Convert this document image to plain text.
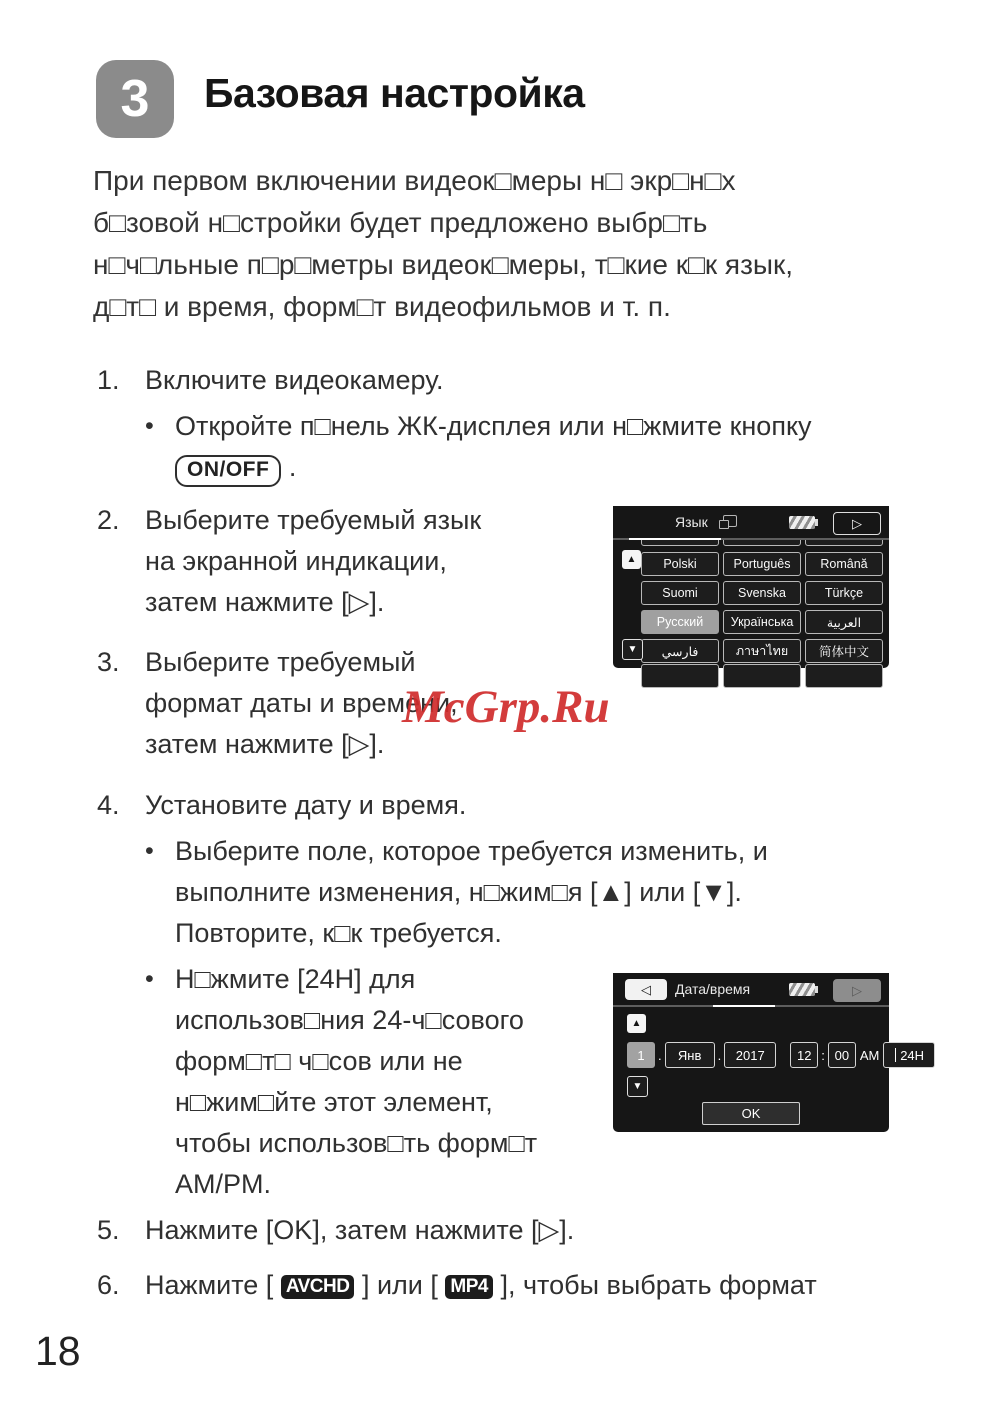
3 Базовая настройка
При первом включении видеок□меры н□ экр□н□х б□зовой н□стройки будет предложено выбр□ть н□ч□льные п□р□метры видеок□меры, т□кие к□к язык, д□т□ и время, форм□т видеофильмов и т. п.
1. Включите видеокамеру.
• Откройте п□нель ЖК-дисплея или н□жмите кнопку
ON/OFF .
2. Выберите требуемый язык на экранной индикации, затем нажмите [▷].
3. Выберите требуемый формат даты и времени, затем нажмите [▷].
McGrp.Ru
4. Установите дату и время.
• Выберите поле, которое требуется изменить, и выполните изменения, н□жим□я [▲] или [▼]. Повторите, к□к требуется.
• Н□жмите [24H] для использов□ния 24-ч□сового форм□т□ ч□сов или не н□жим□йте этот элемент, чтобы использов□ть форм□т AM/PM.
5. Нажмите [OK], затем нажмите [▷].
6. Нажмите [ AVCHD ] или [ MP4 ], чтобы выбрать формат
Polski	Português	Română
Suomi	Svenska	Türkçe
Русский	Українська	العربية
فارسي	ภาษาไทย	简体中文
Язык	▷
▲
▼
◁ Дата/время	▷
▲
▼
1	.	Янв	.	2017	12 : 00 AM 24H
OK
18
